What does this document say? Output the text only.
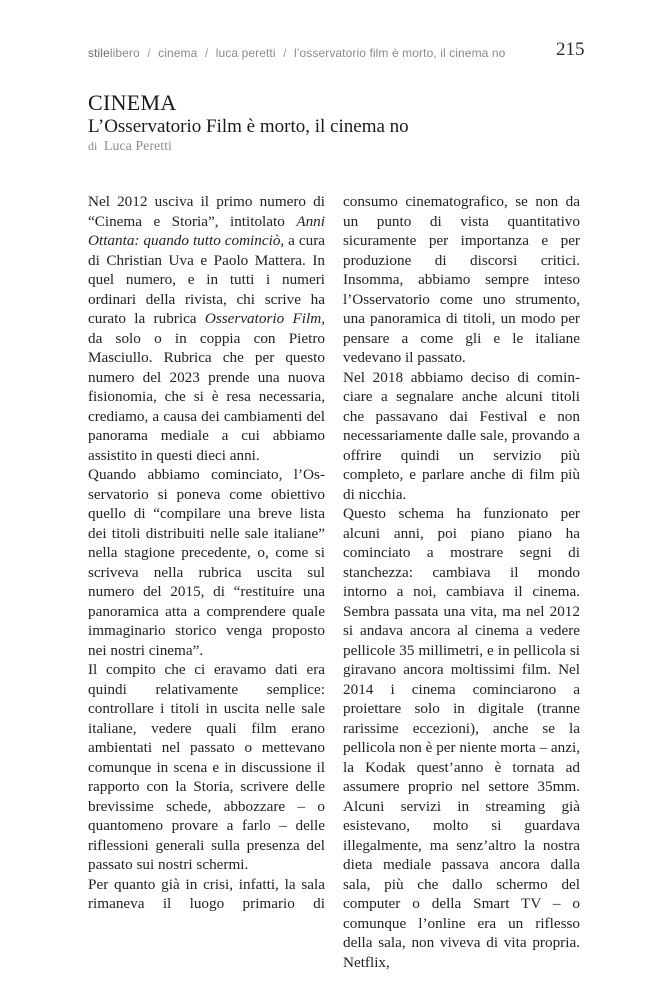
stilelibero / cinema / luca peretti / l’osservatorio film è morto, il cinema no	215
CINEMA
L’Osservatorio Film è morto, il cinema no
di Luca Peretti

Nel 2012 usciva il primo numero di “Cinema e Storia”, intitolato Anni Ottanta: quando tutto cominciò, a cura di Christian Uva e Paolo Mattera. In quel numero, e in tutti i numeri ordinari della rivista, chi scrive ha curato la rubrica Osservatorio Film, da solo o in coppia con Pietro Masciullo. Rubrica che per questo numero del 2023 prende una nuova fisionomia, che si è resa necessaria, crediamo, a causa dei cambiamenti del panorama mediale a cui abbiamo assistito in questi dieci anni.

Quando abbiamo cominciato, l’Osservatorio si poneva come obiettivo quello di “compilare una breve lista dei titoli distribuiti nelle sale italiane” nella stagione precedente, o, come si scriveva nella rubrica uscita sul numero del 2015, di “restituire una panoramica atta a comprendere quale immaginario storico venga proposto nei nostri cinema”.

Il compito che ci eravamo dati era quindi relativamente semplice: controllare i titoli in uscita nelle sale italiane, vedere quali film erano ambientati nel passato o mettevano comunque in scena e in discussione il rapporto con la Storia, scrivere delle brevissime schede, abbozzare – o quantomeno provare a farlo – delle riflessioni generali sulla presenza del passato sui nostri schermi.

Per quanto già in crisi, infatti, la sala rimaneva il luogo primario di

consumo cinematografico, se non da un punto di vista quantitativo sicuramente per importanza e per produzione di discorsi critici. Insomma, abbiamo sempre inteso l’Osservatorio come uno strumento, una panoramica di titoli, un modo per pensare a come gli e le italiane vedevano il passato.

Nel 2018 abbiamo deciso di cominciare a segnalare anche alcuni titoli che passavano dai Festival e non necessariamente dalle sale, provando a offrire quindi un servizio più completo, e parlare anche di film più di nicchia.

Questo schema ha funzionato per alcuni anni, poi piano piano ha cominciato a mostrare segni di stanchezza: cambiava il mondo intorno a noi, cambiava il cinema. Sembra passata una vita, ma nel 2012 si andava ancora al cinema a vedere pellicole 35 millimetri, e in pellicola si giravano ancora moltissimi film. Nel 2014 i cinema cominciarono a proiettare solo in digitale (tranne rarissime eccezioni), anche se la pellicola non è per niente morta – anzi, la Kodak quest’anno è tornata ad assumere proprio nel settore 35mm. Alcuni servizi in streaming già esistevano, molto si guardava illegalmente, ma senz’altro la nostra dieta mediale passava ancora dalla sala, più che dallo schermo del computer o della Smart TV – o comunque l’online era un riflesso della sala, non viveva di vita propria. Netflix,
